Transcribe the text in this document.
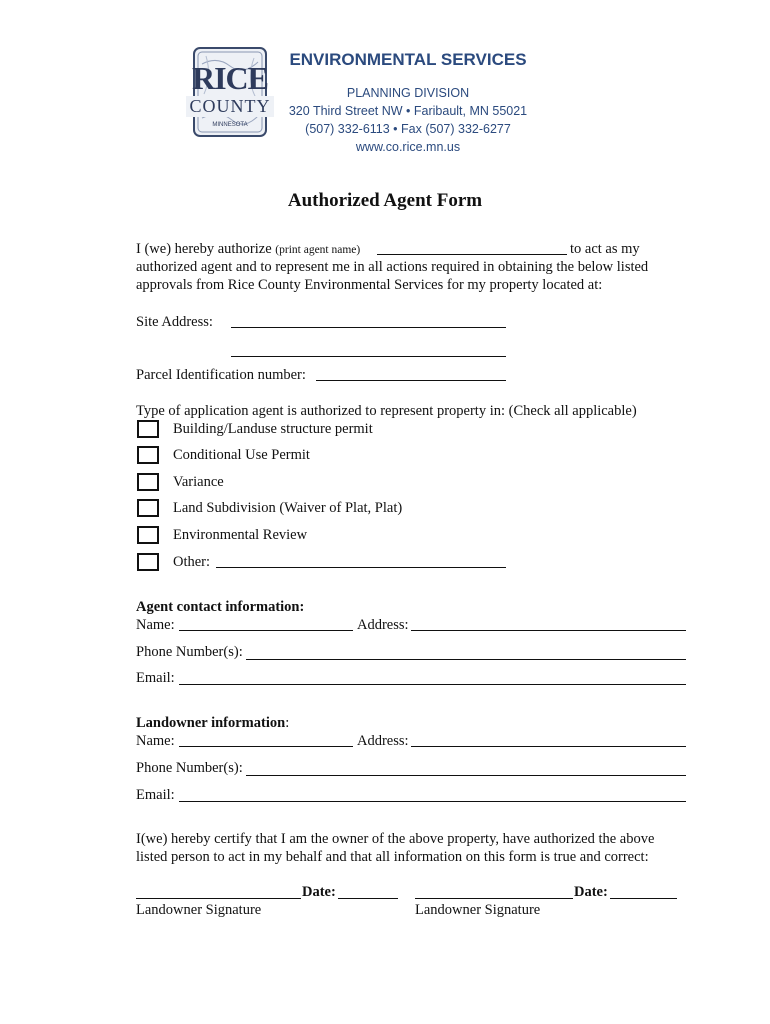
RICE
COUNTY
MINNESOTA
ENVIRONMENTAL SERVICES
PLANNING DIVISION
320 Third Street NW • Faribault, MN 55021
(507) 332-6113 • Fax (507) 332-6277
www.co.rice.mn.us
Authorized Agent Form
I (we) hereby authorize (print agent name)	to act as my
authorized agent and to represent me in all actions required in obtaining the below listed
approvals from Rice County Environmental Services for my property located at:
Site Address:
Parcel Identification number:
Type of application agent is authorized to represent property in: (Check all applicable)
Building/Landuse structure permit
Conditional Use Permit
Variance
Land Subdivision (Waiver of Plat, Plat)
Environmental Review
Other:
Agent contact information:
Name:	Address:
Phone Number(s):
Email:
Landowner information:
Name:	Address:
Phone Number(s):
Email:
I(we) hereby certify that I am the owner of the above property, have authorized the above
listed person to act in my behalf and that all information on this form is true and correct:
Date:
Landowner Signature
Date:
Landowner Signature
